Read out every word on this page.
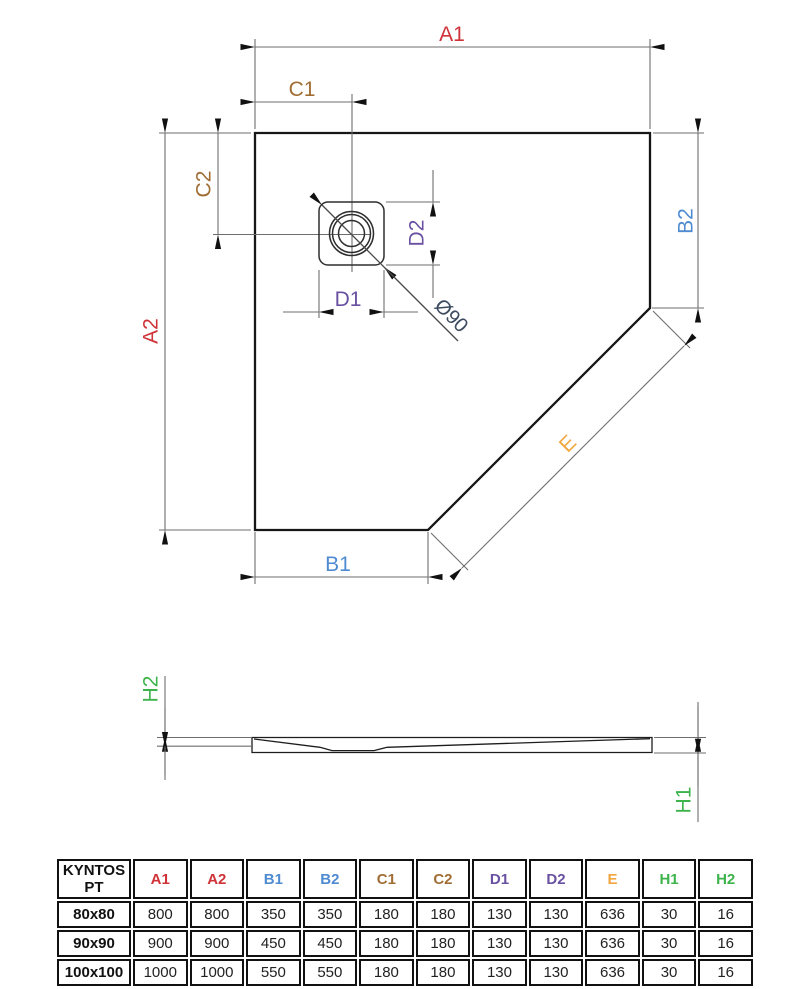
A1
C1
A2
C2
B2
B1
D1
D2
E
Ø90
H2
H1
KYNTOS PT	A1	A2	B1	B2	C1	C2	D1	D2	E	H1	H2
80x80	800	800	350	350	180	180	130	130	636	30	16
90x90	900	900	450	450	180	180	130	130	636	30	16
100x100	1000	1000	550	550	180	180	130	130	636	30	16
